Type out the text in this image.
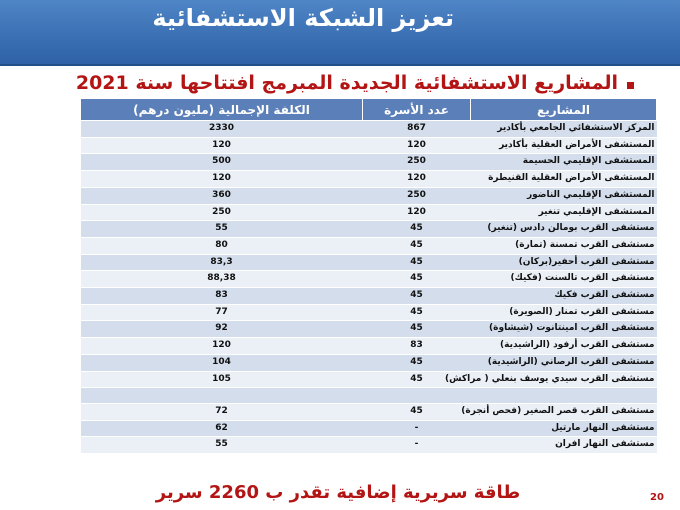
تعزيز الشبكة الاستشفائية
المشاريع الاستشفائية الجديدة المبرمج افتتاحها سنة 2021
الكلفة الإجمالية (مليون درهم)	عدد الأسرة	المشاريع
2330	867	المركز الاستشفائي الجامعي بأكادير
120	120	المستشفى الأمراض العقلية بأكادير
500	250	المستشفى الإقليمي الحسيمة
120	120	المستشفى الأمراض العقلية القنيطرة
360	250	المستشفى الإقليمي الناضور
250	120	المستشفى الإقليمي تنغير
55	45	مستشفى القرب بومالن دادس (تنغير)
80	45	مستشفى القرب تمسنة (تمارة)
83,3	45	مستشفى القرب أحفير(بركان)
88,38	45	مستشفى القرب تالسنت (فكيك)
83	45	مستشفى القرب فكيك
77	45	مستشفى القرب تمنار (الصويرة)
92	45	مستشفى القرب امينتانوت (شيشاوة)
120	83	مستشفى القرب أرفود (الراشيدية)
104	45	مستشفى القرب الرصاني (الراشيدية)
105	45	مستشفى القرب سيدي يوسف بنعلي ( مراكش)

72	45	مستشفى القرب قصر الصغير (فحص أنجرة)
62	-	مستشفى النهار مارتيل
55	-	مستشفى النهار افران
طاقة سريرية إضافية تقدر ب 2260 سرير	20
